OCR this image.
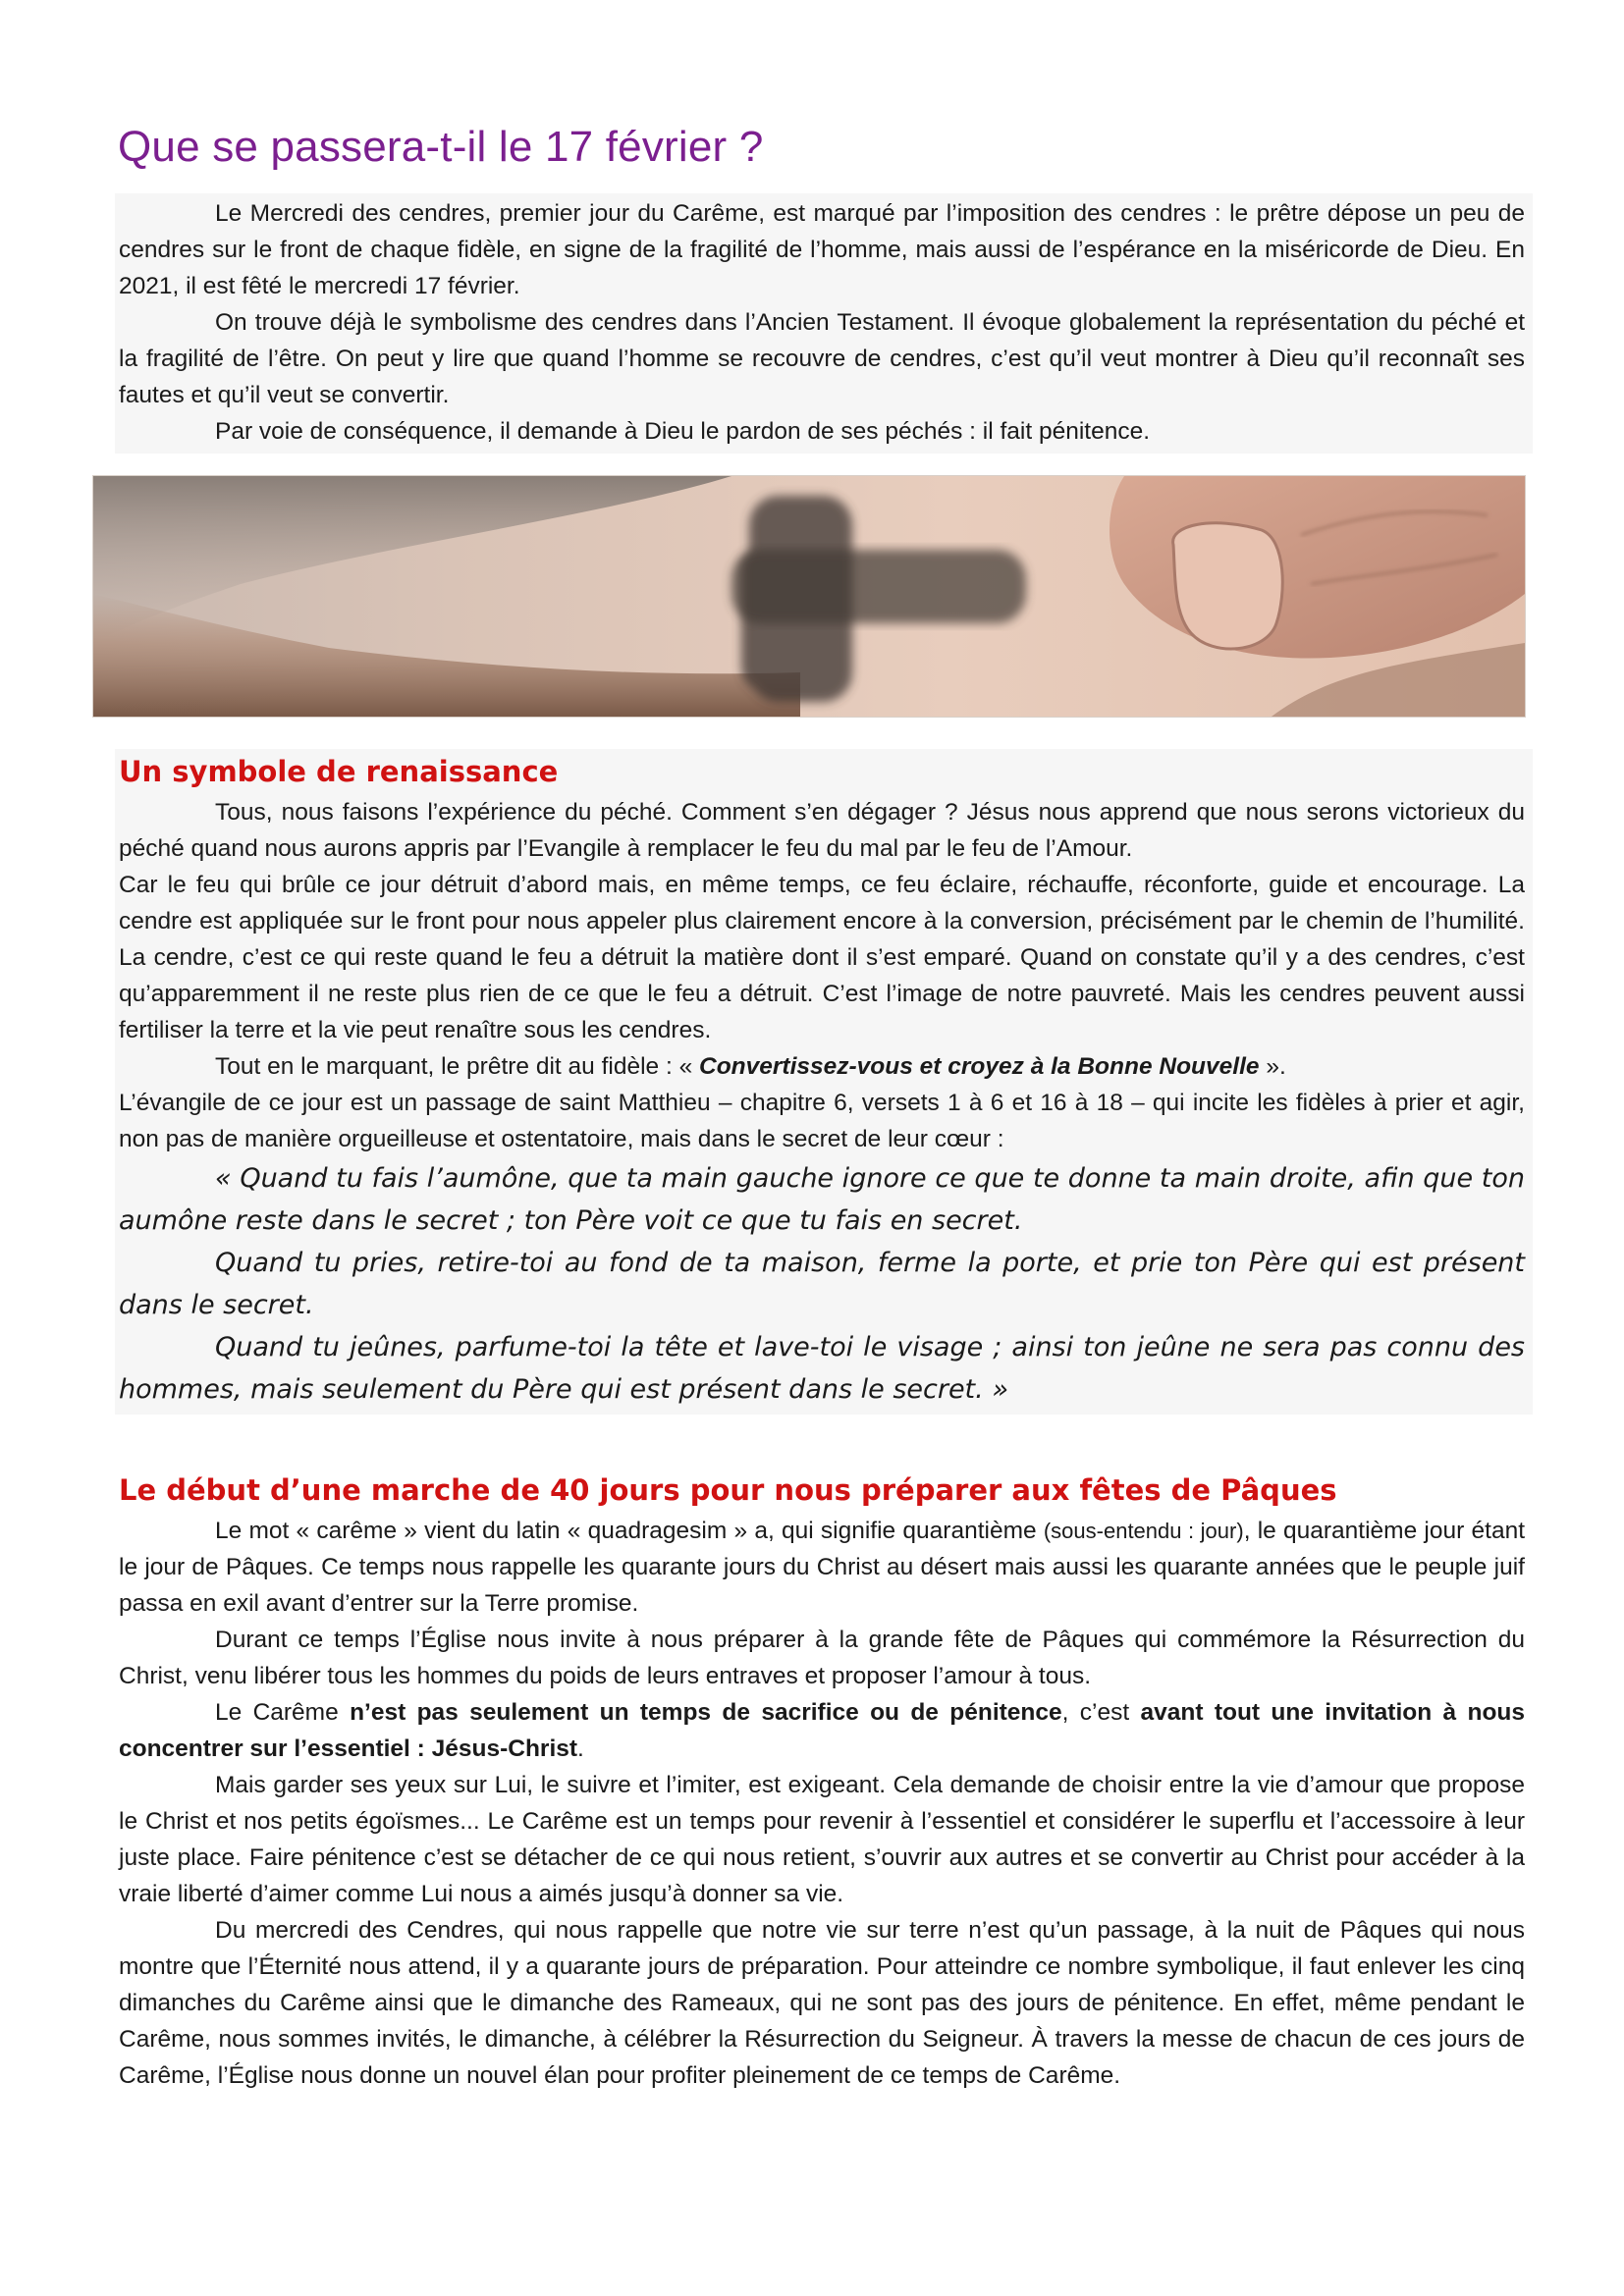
Que se passera-t-il le 17 février ?

Le Mercredi des cendres, premier jour du Carême, est marqué par l’imposition des cendres : le prêtre dépose un peu de cendres sur le front de chaque fidèle, en signe de la fragilité de l’homme, mais aussi de l’espérance en la miséricorde de Dieu. En 2021, il est fêté le mercredi 17 février.

On trouve déjà le symbolisme des cendres dans l’Ancien Testament. Il évoque globalement la représentation du péché et la fragilité de l’être. On peut y lire que quand l’homme se recouvre de cendres, c’est qu’il veut montrer à Dieu qu’il reconnaît ses fautes et qu’il veut se convertir.

Par voie de conséquence, il demande à Dieu le pardon de ses péchés : il fait pénitence.

Un symbole de renaissance

Tous, nous faisons l’expérience du péché. Comment s’en dégager ? Jésus nous apprend que nous serons victorieux du péché quand nous aurons appris par l’Evangile à remplacer le feu du mal par le feu de l’Amour.

Car le feu qui brûle ce jour détruit d’abord mais, en même temps, ce feu éclaire, réchauffe, réconforte, guide et encourage. La cendre est appliquée sur le front pour nous appeler plus clairement encore à la conversion, précisément par le chemin de l’humilité. La cendre, c’est ce qui reste quand le feu a détruit la matière dont il s’est emparé. Quand on constate qu’il y a des cendres, c’est qu’apparemment il ne reste plus rien de ce que le feu a détruit. C’est l’image de notre pauvreté. Mais les cendres peuvent aussi fertiliser la terre et la vie peut renaître sous les cendres.

Tout en le marquant, le prêtre dit au fidèle : « Convertissez-vous et croyez à la Bonne Nouvelle ».

L’évangile de ce jour est un passage de saint Matthieu – chapitre 6, versets 1 à 6 et 16 à 18 – qui incite les fidèles à prier et agir, non pas de manière orgueilleuse et ostentatoire, mais dans le secret de leur cœur :

« Quand tu fais l’aumône, que ta main gauche ignore ce que te donne ta main droite, afin que ton aumône reste dans le secret ; ton Père voit ce que tu fais en secret.

Quand tu pries, retire-toi au fond de ta maison, ferme la porte, et prie ton Père qui est présent dans le secret.

Quand tu jeûnes, parfume-toi la tête et lave-toi le visage ; ainsi ton jeûne ne sera pas connu des hommes, mais seulement du Père qui est présent dans le secret. »

Le début d’une marche de 40 jours pour nous préparer aux fêtes de Pâques

Le mot « carême » vient du latin « quadragesim » a, qui signifie quarantième (sous-entendu : jour), le quarantième jour étant le jour de Pâques. Ce temps nous rappelle les quarante jours du Christ au désert mais aussi les quarante années que le peuple juif passa en exil avant d’entrer sur la Terre promise.

Durant ce temps l’Église nous invite à nous préparer à la grande fête de Pâques qui commémore la Résurrection du Christ, venu libérer tous les hommes du poids de leurs entraves et proposer l’amour à tous.

Le Carême n’est pas seulement un temps de sacrifice ou de pénitence, c’est avant tout une invitation à nous concentrer sur l’essentiel : Jésus-Christ.

Mais garder ses yeux sur Lui, le suivre et l’imiter, est exigeant. Cela demande de choisir entre la vie d’amour que propose le Christ et nos petits égoïsmes... Le Carême est un temps pour revenir à l’essentiel et considérer le superflu et l’accessoire à leur juste place. Faire pénitence c’est se détacher de ce qui nous retient, s’ouvrir aux autres et se convertir au Christ pour accéder à la vraie liberté d’aimer comme Lui nous a aimés jusqu’à donner sa vie.

Du mercredi des Cendres, qui nous rappelle que notre vie sur terre n’est qu’un passage, à la nuit de Pâques qui nous montre que l’Éternité nous attend, il y a quarante jours de préparation. Pour atteindre ce nombre symbolique, il faut enlever les cinq dimanches du Carême ainsi que le dimanche des Rameaux, qui ne sont pas des jours de pénitence. En effet, même pendant le Carême, nous sommes invités, le dimanche, à célébrer la Résurrection du Seigneur. À travers la messe de chacun de ces jours de Carême, l’Église nous donne un nouvel élan pour profiter pleinement de ce temps de Carême.
